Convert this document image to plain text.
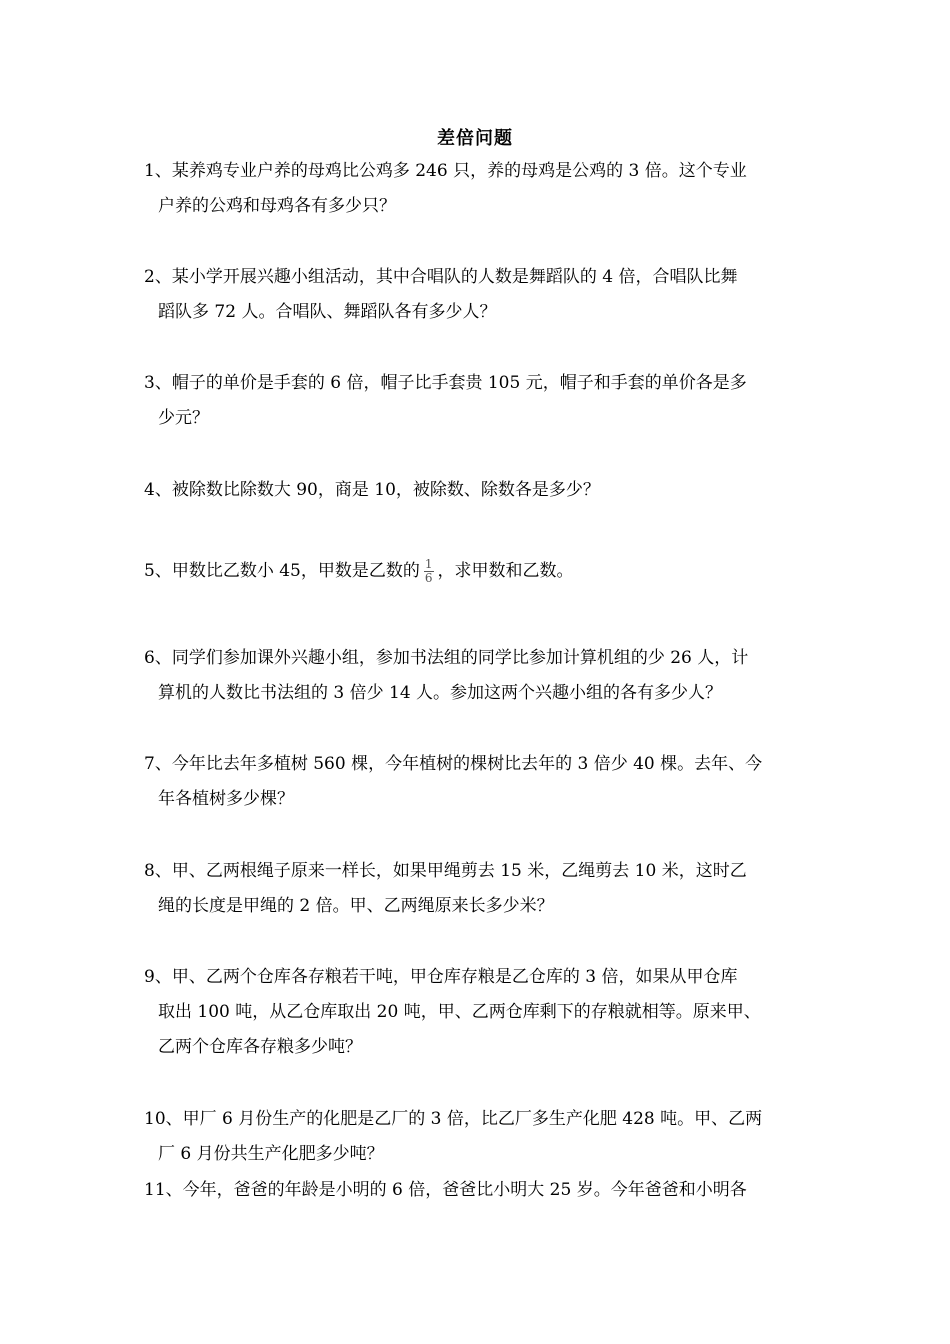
差倍问题
1、某养鸡专业户养的母鸡比公鸡多 246 只，养的母鸡是公鸡的 3 倍。这个专业
户养的公鸡和母鸡各有多少只？
2、某小学开展兴趣小组活动，其中合唱队的人数是舞蹈队的 4 倍，合唱队比舞
蹈队多 72 人。合唱队、舞蹈队各有多少人？
3、帽子的单价是手套的 6 倍，帽子比手套贵 105 元，帽子和手套的单价各是多
少元？
4、被除数比除数大 90，商是 10，被除数、除数各是多少？
5、甲数比乙数小 45，甲数是乙数的 $\frac{1}{6}$ ，求甲数和乙数。
6、同学们参加课外兴趣小组，参加书法组的同学比参加计算机组的少 26 人，计
算机的人数比书法组的 3 倍少 14 人。参加这两个兴趣小组的各有多少人？
7、今年比去年多植树 560 棵，今年植树的棵树比去年的 3 倍少 40 棵。去年、今
年各植树多少棵？
8、甲、乙两根绳子原来一样长，如果甲绳剪去 15 米，乙绳剪去 10 米，这时乙
绳的长度是甲绳的 2 倍。甲、乙两绳原来长多少米？
9、甲、乙两个仓库各存粮若干吨，甲仓库存粮是乙仓库的 3 倍，如果从甲仓库
取出 100 吨，从乙仓库取出 20 吨，甲、乙两仓库剩下的存粮就相等。原来甲、
乙两个仓库各存粮多少吨？
10、甲厂 6 月份生产的化肥是乙厂的 3 倍，比乙厂多生产化肥 428 吨。甲、乙两
厂 6 月份共生产化肥多少吨？
11、今年，爸爸的年龄是小明的 6 倍，爸爸比小明大 25 岁。今年爸爸和小明各
